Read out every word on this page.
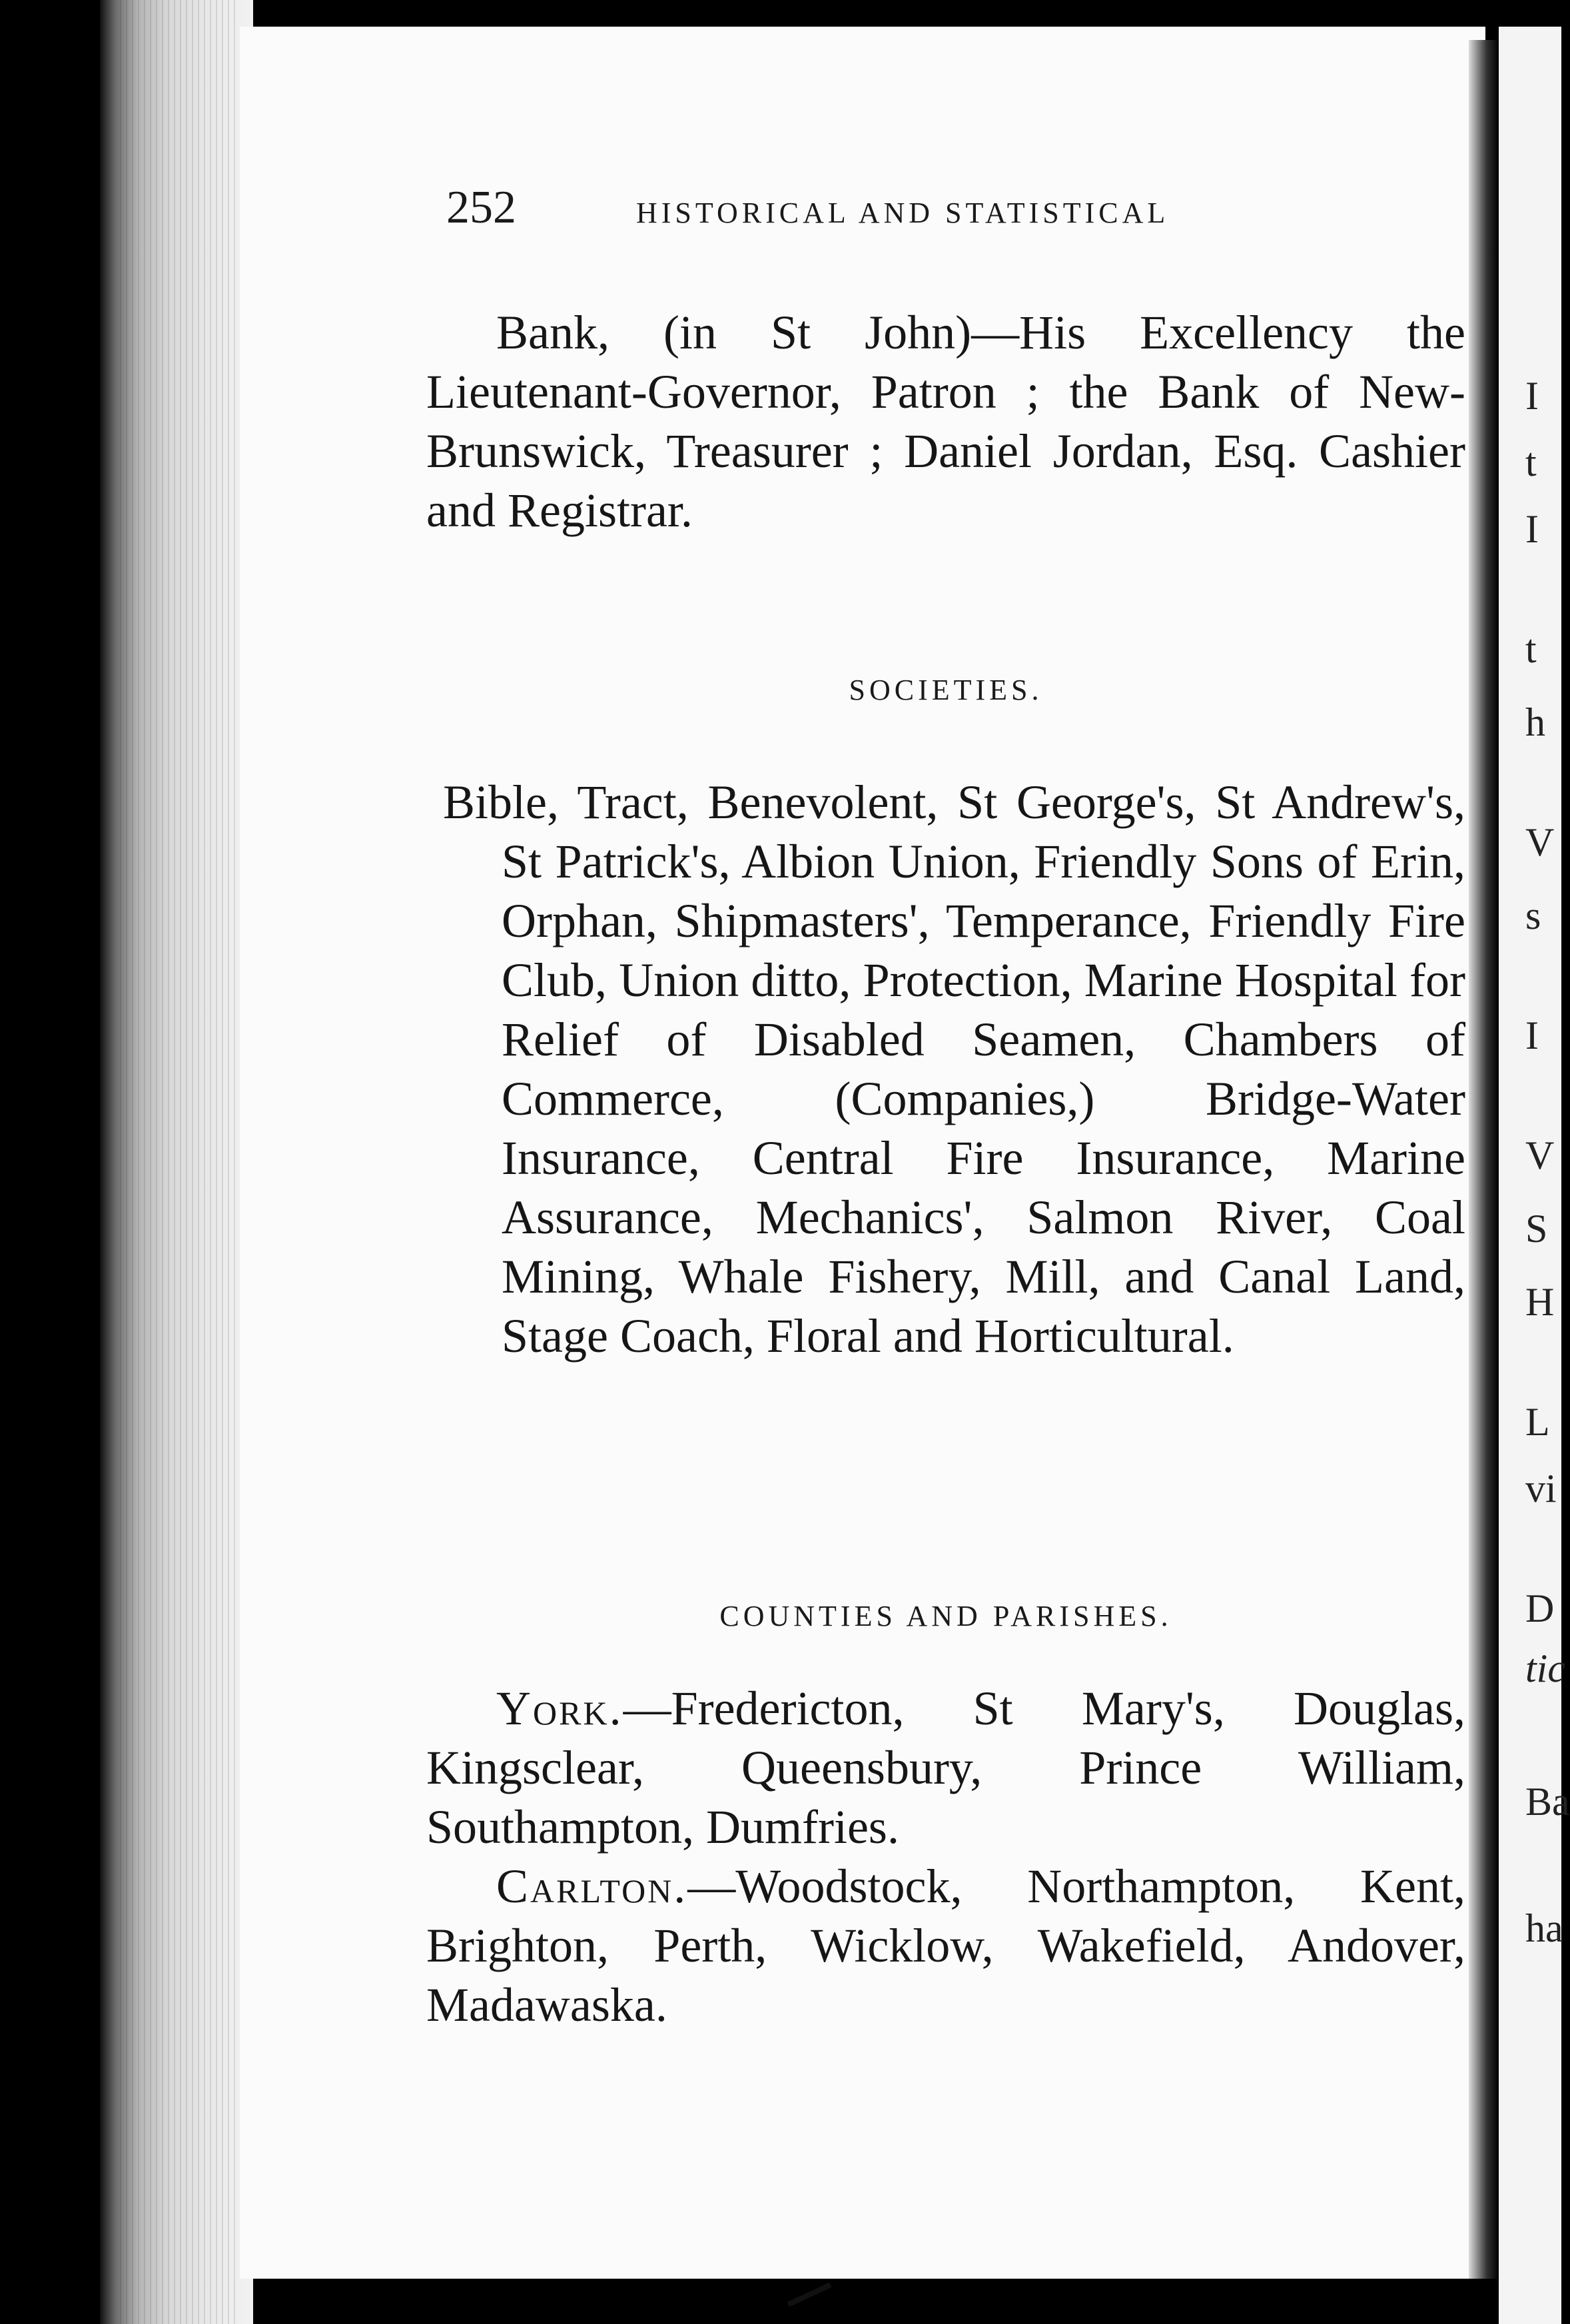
I
t
I
t
h
V
s
I
V
S
H
L
vi
D
tic
Ba
ha
252	HISTORICAL AND STATISTICAL

Bank, (in St John)—His Excellency the Lieutenant-Governor, Patron ; the Bank of New-Brunswick, Treasurer ; Daniel Jordan, Esq. Cashier and Registrar.

SOCIETIES.

Bible, Tract, Benevolent, St George's, St Andrew's, St Patrick's, Albion Union, Friendly Sons of Erin, Orphan, Shipmasters', Temperance, Friendly Fire Club, Union ditto, Protection, Marine Hospital for Relief of Disabled Seamen, Chambers of Commerce, (Companies,) Bridge-Water Insurance, Central Fire Insurance, Marine Assurance, Mechanics', Salmon River, Coal Mining, Whale Fishery, Mill, and Canal Land, Stage Coach, Floral and Horticultural.

COUNTIES AND PARISHES.

York.—Fredericton, St Mary's, Douglas, Kingsclear, Queensbury, Prince William, Southampton, Dumfries.

Carlton.—Woodstock, Northampton, Kent, Brighton, Perth, Wicklow, Wakefield, Andover, Madawaska.
